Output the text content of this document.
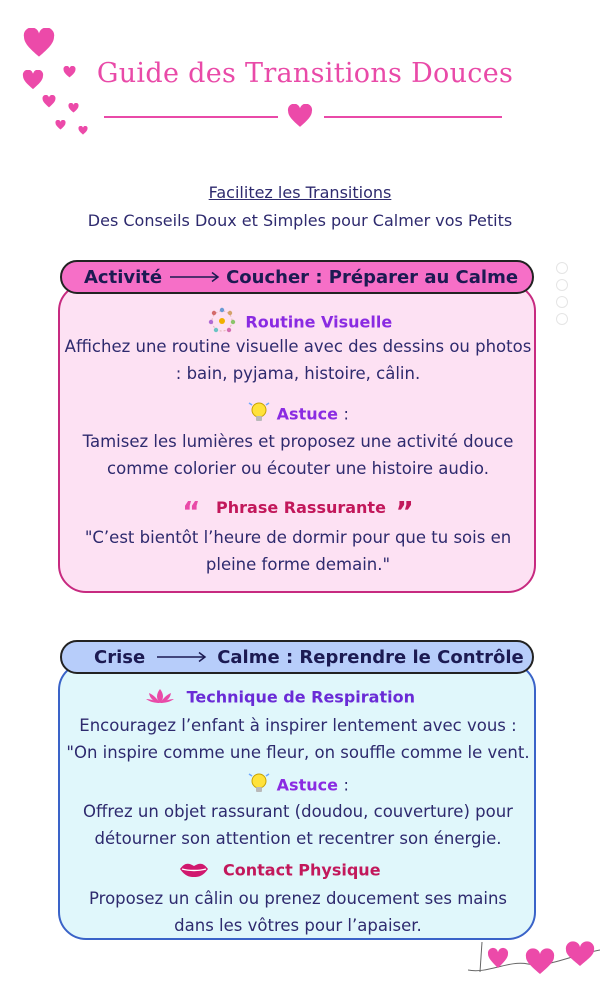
Guide des Transitions Douces
Facilitez les Transitions
Des Conseils Doux et Simples pour Calmer vos Petits
Activité	Coucher : Préparer au Calme
Routine Visuelle
Affichez une routine visuelle avec des dessins ou photos
: bain, pyjama, histoire, câlin.
Astuce :
Tamisez les lumières et proposez une activité douce
comme colorier ou écouter une histoire audio.
“ Phrase Rassurante ”
"C’est bientôt l’heure de dormir pour que tu sois en
pleine forme demain."
Crise	Calme : Reprendre le Contrôle
Technique de Respiration
Encouragez l’enfant à inspirer lentement avec vous :
"On inspire comme une fleur, on souffle comme le vent.
Astuce :
Offrez un objet rassurant (doudou, couverture) pour
détourner son attention et recentrer son énergie.
Contact Physique
Proposez un câlin ou prenez doucement ses mains
dans les vôtres pour l’apaiser.
